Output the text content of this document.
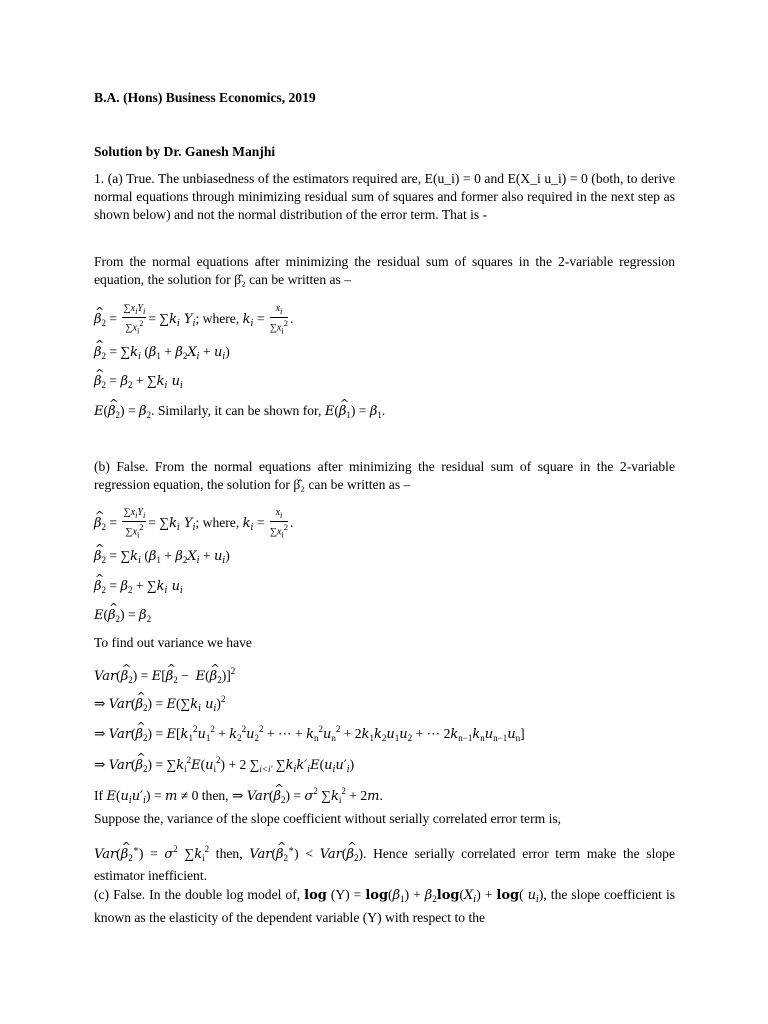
B.A. (Hons) Business Economics, 2019
Solution by Dr. Ganesh Manjhi
1. (a) True. The unbiasedness of the estimators required are, E(u_i) = 0 and E(X_i u_i) = 0 (both, to derive normal equations through minimizing residual sum of squares and former also required in the next step as shown below) and not the normal distribution of the error term. That is -
From the normal equations after minimizing the residual sum of squares in the 2-variable regression equation, the solution for β̂₂ can be written as –
^ $\beta_2 = \frac{\sum x_iY_i}{\sum x_i^2} = \sum k_i$ $Y_i$; where, $k_i = \frac{x_i}{\sum x_i^2}$ .
^ $\beta_2 = \sum k_i$ $(\beta_1 + \beta_2X_i + u_i)$
^ $\beta_2 = \beta_2 + \sum k_i$ $u_i$
E(^ $\beta_2) = \beta_2$. Similarly, it can be shown for, E(^ $\beta_1) = \beta_1$.
(b) False. From the normal equations after minimizing the residual sum of square in the 2-variable regression equation, the solution for β̂₂ can be written as –
^ $\beta_2 = \frac{\sum x_iY_i}{\sum x_i^2} = \sum k_i$ $Y_i$; where, $k_i = \frac{x_i}{\sum x_i^2}$ .
^ $\beta_2 = \sum k_i$ $(\beta_1 + \beta_2X_i + u_i)$
^ $\beta_2 = \beta_2 + \sum k_i$ $u_i$
E(^ $\beta_2) = \beta_2$
To find out variance we have
Var(^ $\beta_2$) = E[^ $\beta_2$ −  E(^ $\beta_2)]^2$
⇒ Var(^ $\beta_2) = E(\sum k_i$ $u_i)^2$
⇒ Var(^ $\beta_2) = E[k_1^2u_1^2 + k_2^2u_2^2$ + ⋯ + $k_n^2u_n^2 + 2k_1k_2u_1u_2$ + ⋯ $2k_{n-1}k_nu_{n-1}u_n$]
⇒ Var(^ $\beta_2) = \sum k_i^2E(u_i^2) + 2$ $\sum_{i<i'}$ $\sum k_ik'_iE(u_iu'_i)$
If $E(u_iu'_i) = m \ne 0$ then, ⇒ Var(^ $\beta_2) = \sigma^2$ $\sum k_i^2 + 2m$.
Suppose the, variance of the slope coefficient without serially correlated error term is,
Var(^ $\beta_2^∗) = \sigma^2$ $\sum k_i^2$ then, Var(^ $\beta_2^∗$) < Var(^ $\beta_2$). Hence serially correlated error term make the slope estimator inefficient.
(c) False. In the double log model of, $\log (Y) = \log(\beta_1) + \beta_2\log(X_i) + \log$( $u_i$), the slope coefficient is known as the elasticity of the dependent variable (Y) with respect to the
